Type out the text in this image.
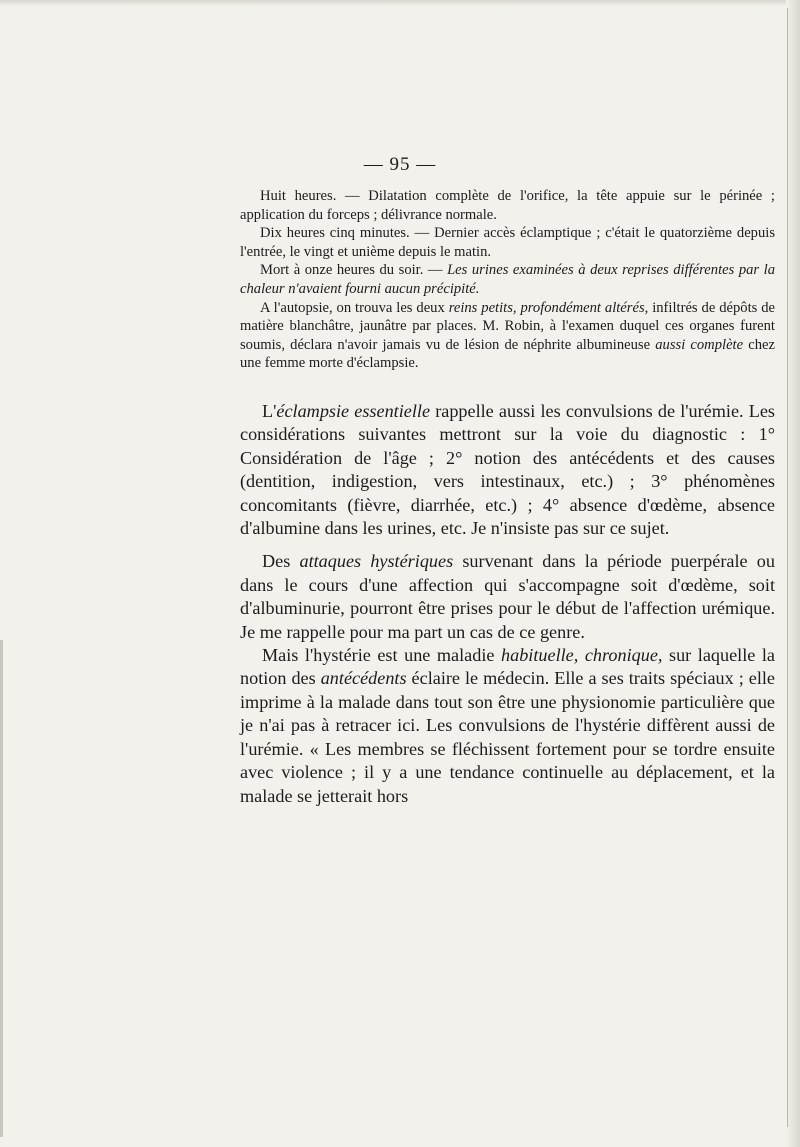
— 95 —

Huit heures. — Dilatation complète de l'orifice, la tête appuie sur le périnée ; application du forceps ; délivrance normale.

Dix heures cinq minutes. — Dernier accès éclamptique ; c'était le quatorzième depuis l'entrée, le vingt et unième depuis le matin.

Mort à onze heures du soir. — Les urines examinées à deux reprises différentes par la chaleur n'avaient fourni aucun précipité.

A l'autopsie, on trouva les deux reins petits, profondément altérés, infiltrés de dépôts de matière blanchâtre, jaunâtre par places. M. Robin, à l'examen duquel ces organes furent soumis, déclara n'avoir jamais vu de lésion de néphrite albumineuse aussi complète chez une femme morte d'éclampsie.

L'éclampsie essentielle rappelle aussi les convulsions de l'urémie. Les considérations suivantes mettront sur la voie du diagnostic : 1° Considération de l'âge ; 2° notion des antécédents et des causes (dentition, indigestion, vers intestinaux, etc.) ; 3° phénomènes concomitants (fièvre, diarrhée, etc.) ; 4° absence d'œdème, absence d'albumine dans les urines, etc. Je n'insiste pas sur ce sujet.

Des attaques hystériques survenant dans la période puerpérale ou dans le cours d'une affection qui s'accompagne soit d'œdème, soit d'albuminurie, pourront être prises pour le début de l'affection urémique. Je me rappelle pour ma part un cas de ce genre.

Mais l'hystérie est une maladie habituelle, chronique, sur laquelle la notion des antécédents éclaire le médecin. Elle a ses traits spéciaux ; elle imprime à la malade dans tout son être une physionomie particulière que je n'ai pas à retracer ici. Les convulsions de l'hystérie diffèrent aussi de l'urémie. « Les membres se fléchissent fortement pour se tordre ensuite avec violence ; il y a une tendance continuelle au déplacement, et la malade se jetterait hors
